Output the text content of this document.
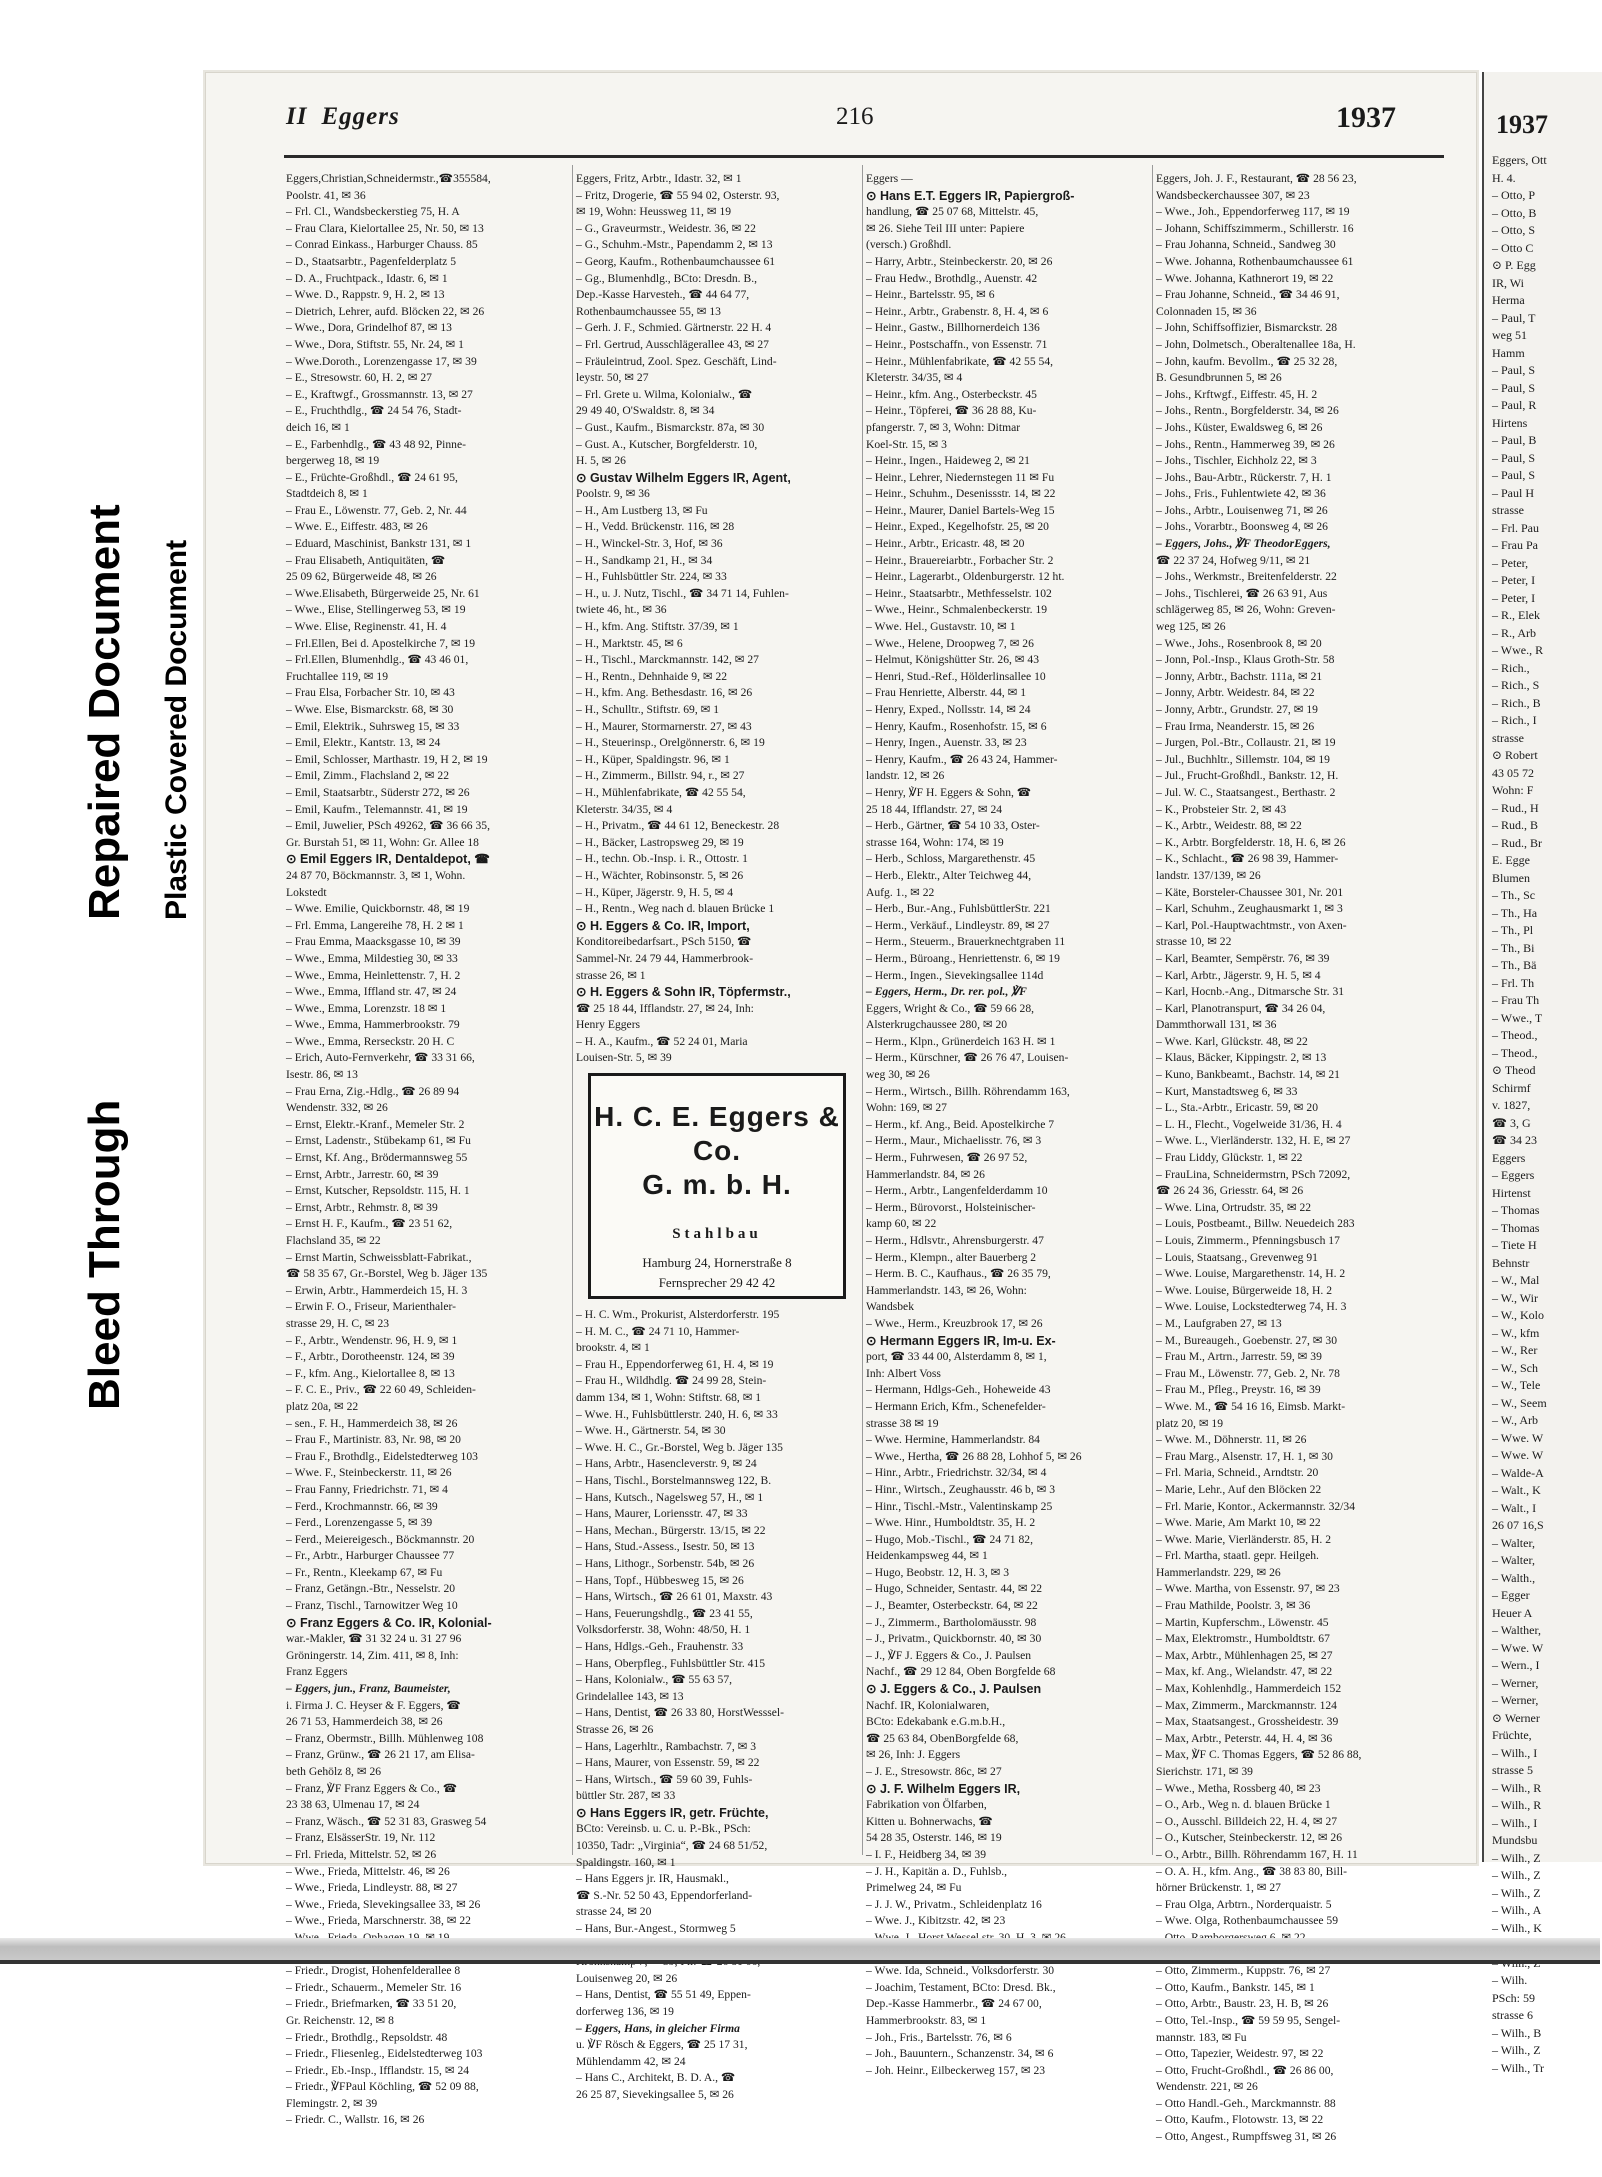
Repaired Document Plastic Covered Document
Bleed Through
II Eggers	216	1937
Eggers,Christian,Schneidermstr.,☎355584,
Poolstr. 41, ✉ 36
– Frl. Cl., Wandsbeckerstieg 75, H. A
– Frau Clara, Kielortallee 25, Nr. 50, ✉ 13
– Conrad Einkass., Harburger Chauss. 85
– D., Staatsarbtr., Pagenfelderplatz 5
– D. A., Fruchtpack., Idastr. 6, ✉ 1
– Wwe. D., Rappstr. 9, H. 2, ✉ 13
– Dietrich, Lehrer, aufd. Blöcken 22, ✉ 26
– Wwe., Dora, Grindelhof 87, ✉ 13
– Wwe., Dora, Stiftstr. 55, Nr. 24, ✉ 1
– Wwe.Doroth., Lorenzengasse 17, ✉ 39
– E., Stresowstr. 60, H. 2, ✉ 27
– E., Kraftwgf., Grossmannstr. 13, ✉ 27
– E., Fruchthdlg., ☎ 24 54 76, Stadt-
deich 16, ✉ 1
– E., Farbenhdlg., ☎ 43 48 92, Pinne-
bergerweg 18, ✉ 19
– E., Früchte-Großhdl., ☎ 24 61 95,
Stadtdeich 8, ✉ 1
– Frau E., Löwenstr. 77, Geb. 2, Nr. 44
– Wwe. E., Eiffestr. 483, ✉ 26
– Eduard, Maschinist, Bankstr 131, ✉ 1
– Frau Elisabeth, Antiquitäten, ☎
25 09 62, Bürgerweide 48, ✉ 26
– Wwe.Elisabeth, Bürgerweide 25, Nr. 61
– Wwe., Elise, Stellingerweg 53, ✉ 19
– Wwe. Elise, Reginenstr. 41, H. 4
– Frl.Ellen, Bei d. Apostelkirche 7, ✉ 19
– Frl.Ellen, Blumenhdlg., ☎ 43 46 01,
Fruchtallee 119, ✉ 19
– Frau Elsa, Forbacher Str. 10, ✉ 43
– Wwe. Else, Bismarckstr. 68, ✉ 30
– Emil, Elektrik., Suhrsweg 15, ✉ 33
– Emil, Elektr., Kantstr. 13, ✉ 24
– Emil, Schlosser, Marthastr. 19, H 2, ✉ 19
– Emil, Zimm., Flachsland 2, ✉ 22
– Emil, Staatsarbtr., Süderstr 272, ✉ 26
– Emil, Kaufm., Telemannstr. 41, ✉ 19
– Emil, Juwelier, PSch 49262, ☎ 36 66 35,
Gr. Burstah 51, ✉ 11, Wohn: Gr. Allee 18
⊙ Emil Eggers IR, Dentaldepot, ☎
24 87 70, Böckmannstr. 3, ✉ 1, Wohn.
Lokstedt
– Wwe. Emilie, Quickbornstr. 48, ✉ 19
– Frl. Emma, Langereihe 78, H. 2 ✉ 1
– Frau Emma, Maacksgasse 10, ✉ 39
– Wwe., Emma, Mildestieg 30, ✉ 33
– Wwe., Emma, Heinlettenstr. 7, H. 2
– Wwe., Emma, Iffland str. 47, ✉ 24
– Wwe., Emma, Lorenzstr. 18 ✉ 1
– Wwe., Emma, Hammerbrookstr. 79
– Wwe., Emma, Rerseckstr. 20 H. C
– Erich, Auto-Fernverkehr, ☎ 33 31 66,
Isestr. 86, ✉ 13
– Frau Erna, Zig.-Hdlg., ☎ 26 89 94
Wendenstr. 332, ✉ 26
– Ernst, Elektr.-Kranf., Memeler Str. 2
– Ernst, Ladenstr., Stübekamp 61, ✉ Fu
– Ernst, Kf. Ang., Brödermannsweg 55
– Ernst, Arbtr., Jarrestr. 60, ✉ 39
– Ernst, Kutscher, Repsoldstr. 115, H. 1
– Ernst, Arbtr., Rehmstr. 8, ✉ 39
– Ernst H. F., Kaufm., ☎ 23 51 62,
Flachsland 35, ✉ 22
– Ernst Martin, Schweissblatt-Fabrikat.,
☎ 58 35 67, Gr.-Borstel, Weg b. Jäger 135
– Erwin, Arbtr., Hammerdeich 15, H. 3
– Erwin F. O., Friseur, Marienthaler-
strasse 29, H. C, ✉ 23
– F., Arbtr., Wendenstr. 96, H. 9, ✉ 1
– F., Arbtr., Dorotheenstr. 124, ✉ 39
– F., kfm. Ang., Kielortallee 8, ✉ 13
– F. C. E., Priv., ☎ 22 60 49, Schleiden-
platz 20a, ✉ 22
– sen., F. H., Hammerdeich 38, ✉ 26
– Frau F., Martinistr. 83, Nr. 98, ✉ 20
– Frau F., Brothdlg., Eidelstedterweg 103
– Wwe. F., Steinbeckerstr. 11, ✉ 26
– Frau Fanny, Friedrichstr. 71, ✉ 4
– Ferd., Krochmannstr. 66, ✉ 39
– Ferd., Lorenzengasse 5, ✉ 39
– Ferd., Meiereigesch., Böckmannstr. 20
– Fr., Arbtr., Harburger Chaussee 77
– Fr., Rentn., Kleekamp 67, ✉ Fu
– Franz, Getängn.-Btr., Nesselstr. 20
– Franz, Tischl., Tarnowitzer Weg 10
⊙ Franz Eggers & Co. IR, Kolonial-
war.-Makler, ☎ 31 32 24 u. 31 27 96
Gröningerstr. 14, Zim. 411, ✉ 8, Inh:
Franz Eggers
– Eggers, jun., Franz, Baumeister,
i. Firma J. C. Heyser & F. Eggers, ☎
26 71 53, Hammerdeich 38, ✉ 26
– Franz, Obermstr., Billh. Mühlenweg 108
– Franz, Grünw., ☎ 26 21 17, am Elisa-
beth Gehölz 8, ✉ 26
– Franz, ℣F Franz Eggers & Co., ☎
23 38 63, Ulmenau 17, ✉ 24
– Franz, Wäsch., ☎ 52 31 83, Grasweg 54
– Franz, ElsässerStr. 19, Nr. 112
– Frl. Frieda, Mittelstr. 52, ✉ 26
– Wwe., Frieda, Mittelstr. 46, ✉ 26
– Wwe., Frieda, Lindleystr. 88, ✉ 27
– Wwe., Frieda, Slevekingsallee 33, ✉ 26
– Wwe., Frieda, Marschnerstr. 38, ✉ 22
– Friedr., Drogist, Hohenfelderallee 8
– Friedr., Schauerm., Memeler Str. 16
– Friedr., Briefmarken, ☎ 33 51 20,
Gr. Reichenstr. 12, ✉ 8
– Friedr., Brothdlg., Repsoldstr. 48
– Friedr., Fliesenleg., Eidelstedterweg 103
– Friedr., Eb.-Insp., Ifflandstr. 15, ✉ 24
– Friedr., ℣FPaul Köchling, ☎ 52 09 88,
Flemingstr. 2, ✉ 39
– Friedr. C., Wallstr. 16, ✉ 26
Eggers, Fritz, Arbtr., Idastr. 32, ✉ 1
– Fritz, Drogerie, ☎ 55 94 02, Osterstr. 93,
✉ 19, Wohn: Heussweg 11, ✉ 19
– G., Graveurmstr., Weidestr. 36, ✉ 22
– G., Schuhm.-Mstr., Papendamm 2, ✉ 13
– Georg, Kaufm., Rothenbaumchaussee 61
– Gg., Blumenhdlg., BCto: Dresdn. B.,
Dep.-Kasse Harvesteh., ☎ 44 64 77,
Rothenbaumchaussee 55, ✉ 13
– Gerh. J. F., Schmied. Gärtnerstr. 22 H. 4
– Frl. Gertrud, Ausschlägerallee 43, ✉ 27
– Fräuleintrud, Zool. Spez. Geschäft, Lind-
leystr. 50, ✉ 27
– Frl. Grete u. Wilma, Kolonialw., ☎
29 49 40, O'Swaldstr. 8, ✉ 34
– Gust., Kaufm., Bismarckstr. 87a, ✉ 30
– Gust. A., Kutscher, Borgfelderstr. 10,
H. 5, ✉ 26
⊙ Gustav Wilhelm Eggers IR, Agent,
Poolstr. 9, ✉ 36
– H., Am Lustberg 13, ✉ Fu
– H., Vedd. Brückenstr. 116, ✉ 28
– H., Winckel-Str. 3, Hof, ✉ 36
– H., Sandkamp 21, H., ✉ 34
– H., Fuhlsbüttler Str. 224, ✉ 33
– H., u. J. Nutz, Tischl., ☎ 34 71 14, Fuhlen-
twiete 46, ht., ✉ 36
– H., kfm. Ang. Stiftstr. 37/39, ✉ 1
– H., Marktstr. 45, ✉ 6
– H., Tischl., Marckmannstr. 142, ✉ 27
– H., Rentn., Dehnhaide 9, ✉ 22
– H., kfm. Ang. Bethesdastr. 16, ✉ 26
– H., Schulltr., Stiftstr. 69, ✉ 1
– H., Maurer, Stormarnerstr. 27, ✉ 43
– H., Steuerinsp., Orelgönnerstr. 6, ✉ 19
– H., Küper, Spaldingstr. 96, ✉ 1
– H., Zimmerm., Billstr. 94, r., ✉ 27
– H., Mühlenfabrikate, ☎ 42 55 54,
Kleterstr. 34/35, ✉ 4
– H., Privatm., ☎ 44 61 12, Beneckestr. 28
– H., Bäcker, Lastropsweg 29, ✉ 19
– H., techn. Ob.-Insp. i. R., Ottostr. 1
– H., Wächter, Robinsonstr. 5, ✉ 26
– H., Küper, Jägerstr. 9, H. 5, ✉ 4
– H., Rentn., Weg nach d. blauen Brücke 1
⊙ H. Eggers & Co. IR, Import,
Konditoreibedarfsart., PSch 5150, ☎
Sammel-Nr. 24 79 44, Hammerbrook-
strasse 26, ✉ 1
⊙ H. Eggers & Sohn IR, Töpfermstr.,
☎ 25 18 44, Ifflandstr. 27, ✉ 24, Inh:
Henry Eggers
– H. A., Kaufm., ☎ 52 24 01, Maria
Louisen-Str. 5, ✉ 39
H. C. E. Eggers & Co.
G. m. b. H.
Stahlbau
Hamburg 24, Hornerstraße 8
Fernsprecher 29 42 42
– H. C. Wm., Prokurist, Alsterdorferstr. 195
– H. M. C., ☎ 24 71 10, Hammer-
brookstr. 4, ✉ 1
– Frau H., Eppendorferweg 61, H. 4, ✉ 19
– Frau H., Wildhdlg. ☎ 24 99 28, Stein-
damm 134, ✉ 1, Wohn: Stiftstr. 68, ✉ 1
– Wwe. H., Fuhlsbüttlerstr. 240, H. 6, ✉ 33
– Wwe. H., Gärtnerstr. 54, ✉ 30
– Wwe. H. C., Gr.-Borstel, Weg b. Jäger 135
– Hans, Arbtr., Hasencleverstr. 9, ✉ 24
– Hans, Tischl., Borstelmannsweg 122, B.
– Hans, Kutsch., Nagelsweg 57, H., ✉ 1
– Hans, Maurer, Loriensstr. 47, ✉ 33
– Hans, Mechan., Bürgerstr. 13/15, ✉ 22
– Hans, Stud.-Assess., Isestr. 50, ✉ 13
– Hans, Lithogr., Sorbenstr. 54b, ✉ 26
– Hans, Topf., Hübbesweg 15, ✉ 26
– Hans, Wirtsch., ☎ 26 61 01, Maxstr. 43
– Hans, Feuerungshdlg., ☎ 23 41 55,
Volksdorferstr. 38, Wohn: 48/50, H. 1
– Hans, Hdlgs.-Geh., Frauhenstr. 33
– Hans, Oberpfleg., Fuhlsbüttler Str. 415
– Hans, Kolonialw., ☎ 55 63 57,
Grindelallee 143, ✉ 13
– Hans, Dentist, ☎ 26 33 80, HorstWesssel-
Strasse 26, ✉ 26
– Hans, Lagerhltr., Rambachstr. 7, ✉ 3
– Hans, Maurer, von Essenstr. 59, ✉ 22
– Hans, Wirtsch., ☎ 59 60 39, Fuhls-
büttler Str. 287, ✉ 33
⊙ Hans Eggers IR, getr. Früchte,
BCto: Vereinsb. u. C. u. P.-Bk., PSch:
10350, Tadr: „Virginia“, ☎ 24 68 51/52,
Spaldingstr. 160, ✉ 1
– Hans Eggers jr. IR, Hausmakl.,
☎ S.-Nr. 52 50 43, Eppendorferland-
strasse 24, ✉ 20
– Hans, Bur.-Angest., Stormweg 5
Louisenweg 20, ✉ 26
– Hans, Dentist, ☎ 55 51 49, Eppen-
dorferweg 136, ✉ 19
– Eggers, Hans, in gleicher Firma
u. ℣F Rösch & Eggers, ☎ 25 17 31,
Mühlendamm 42, ✉ 24
– Hans C., Architekt, B. D. A., ☎
26 25 87, Sievekingsallee 5, ✉ 26
Eggers —
⊙ Hans E.T. Eggers IR, Papiergroß-
handlung, ☎ 25 07 68, Mittelstr. 45,
✉ 26. Siehe Teil III unter: Papiere
(versch.) Großhdl.
– Harry, Arbtr., Steinbeckerstr. 20, ✉ 26
– Frau Hedw., Brothdlg., Auenstr. 42
– Heinr., Bartelsstr. 95, ✉ 6
– Heinr., Arbtr., Grabenstr. 8, H. 4, ✉ 6
– Heinr., Gastw., Billhornerdeich 136
– Heinr., Postschaffn., von Essenstr. 71
– Heinr., Mühlenfabrikate, ☎ 42 55 54,
Kleterstr. 34/35, ✉ 4
– Heinr., kfm. Ang., Osterbeckstr. 45
– Heinr., Töpferei, ☎ 36 28 88, Ku-
pfangerstr. 7, ✉ 3, Wohn: Ditmar
Koel-Str. 15, ✉ 3
– Heinr., Ingen., Haideweg 2, ✉ 21
– Heinr., Lehrer, Niedernstegen 11 ✉ Fu
– Heinr., Schuhm., Desenissstr. 14, ✉ 22
– Heinr., Maurer, Daniel Bartels-Weg 15
– Heinr., Exped., Kegelhofstr. 25, ✉ 20
– Heinr., Arbtr., Ericastr. 48, ✉ 20
– Heinr., Brauereiarbtr., Forbacher Str. 2
– Heinr., Lagerarbt., Oldenburgerstr. 12 ht.
– Heinr., Staatsarbtr., Methfesselstr. 102
– Wwe., Heinr., Schmalenbeckerstr. 19
– Wwe. Hel., Gustavstr. 10, ✉ 1
– Wwe., Helene, Droopweg 7, ✉ 26
– Helmut, Königshütter Str. 26, ✉ 43
– Henri, Stud.-Ref., Hölderlinsallee 10
– Frau Henriette, Alberstr. 44, ✉ 1
– Henry, Exped., Nollsstr. 14, ✉ 24
– Henry, Kaufm., Rosenhofstr. 15, ✉ 6
– Henry, Ingen., Auenstr. 33, ✉ 23
– Henry, Kaufm., ☎ 26 43 24, Hammer-
landstr. 12, ✉ 26
– Henry, ℣F H. Eggers & Sohn, ☎
25 18 44, Ifflandstr. 27, ✉ 24
– Herb., Gärtner, ☎ 54 10 33, Oster-
strasse 164, Wohn: 174, ✉ 19
– Herb., Schloss, Margarethenstr. 45
– Herb., Elektr., Alter Teichweg 44,
Aufg. 1., ✉ 22
– Herb., Bur.-Ang., FuhlsbüttlerStr. 221
– Herm., Verkäuf., Lindleystr. 89, ✉ 27
– Herm., Steuerm., Brauerknechtgraben 11
– Herm., Büroang., Henriettenstr. 6, ✉ 19
– Herm., Ingen., Sievekingsallee 114d
– Eggers, Herm., Dr. rer. pol., ℣F
Eggers, Wright & Co., ☎ 59 66 28,
Alsterkrugchaussee 280, ✉ 20
– Herm., Klpn., Grünerdeich 163 H. ✉ 1
– Herm., Kürschner, ☎ 26 76 47, Louisen-
weg 30, ✉ 26
– Herm., Wirtsch., Billh. Röhrendamm 163,
Wohn: 169, ✉ 27
– Herm., kf. Ang., Beid. Apostelkirche 7
– Herm., Maur., Michaelisstr. 76, ✉ 3
– Herm., Fuhrwesen, ☎ 26 97 52,
Hammerlandstr. 84, ✉ 26
– Herm., Arbtr., Langenfelderdamm 10
– Herm., Bürovorst., Holsteinischer-
kamp 60, ✉ 22
– Herm., Hdlsvtr., Ahrensburgerstr. 47
– Herm., Klempn., alter Bauerberg 2
– Herm. B. C., Kaufhaus., ☎ 26 35 79,
Hammerlandstr. 143, ✉ 26, Wohn:
Wandsbek
– Wwe., Herm., Kreuzbrook 17, ✉ 26
⊙ Hermann Eggers IR, Im-u. Ex-
port, ☎ 33 44 00, Alsterdamm 8, ✉ 1,
Inh: Albert Voss
– Hermann, Hdlgs-Geh., Hoheweide 43
– Hermann Erich, Kfm., Schenefelder-
strasse 38 ✉ 19
– Wwe. Hermine, Hammerlandstr. 84
– Wwe., Hertha, ☎ 26 88 28, Lohhof 5, ✉ 26
– Hinr., Arbtr., Friedrichstr. 32/34, ✉ 4
– Hinr., Wirtsch., Zeughausstr. 46 b, ✉ 3
– Hinr., Tischl.-Mstr., Valentinskamp 25
– Wwe. Hinr., Humboldtstr. 35, H. 2
– Hugo, Mob.-Tischl., ☎ 24 71 82,
Heidenkampsweg 44, ✉ 1
– Hugo, Beobstr. 12, H. 3, ✉ 3
– Hugo, Schneider, Sentastr. 44, ✉ 22
– J., Beamter, Osterbeckstr. 64, ✉ 22
– J., Zimmerm., Bartholomäusstr. 98
– J., Privatm., Quickbornstr. 40, ✉ 30
– J., ℣F J. Eggers & Co., J. Paulsen
Nachf., ☎ 29 12 84, Oben Borgfelde 68
⊙ J. Eggers & Co., J. Paulsen
Nachf. IR, Kolonialwaren,
BCto: Edekabank e.G.m.b.H.,
☎ 25 63 84, ObenBorgfelde 68,
✉ 26, Inh: J. Eggers
– J. E., Stresowstr. 86c, ✉ 27
⊙ J. F. Wilhelm Eggers IR,
Fabrikation von Ölfarben,
Kitten u. Bohnerwachs, ☎
54 28 35, Osterstr. 146, ✉ 19
– I. F., Heidberg 34, ✉ 39
– J. H., Kapitän a. D., Fuhlsb.,
Primelweg 24, ✉ Fu
– J. J. W., Privatm., Schleidenplatz 16
– Wwe. J., Kibitzstr. 42, ✉ 23
– Wwe. Ida, Schneid., Volksdorferstr. 30
– Joachim, Testament, BCto: Dresd. Bk.,
Dep.-Kasse Hammerbr., ☎ 24 67 00,
Hammerbrookstr. 83, ✉ 1
– Joh., Fris., Bartelsstr. 76, ✉ 6
– Joh., Bauuntern., Schanzenstr. 34, ✉ 6
– Joh. Heinr., Eilbeckerweg 157, ✉ 23
Eggers, Joh. J. F., Restaurant, ☎ 28 56 23,
Wandsbeckerchaussee 307, ✉ 23
– Wwe., Joh., Eppendorferweg 117, ✉ 19
– Johann, Schiffszimmerm., Schillerstr. 16
– Frau Johanna, Schneid., Sandweg 30
– Wwe. Johanna, Rothenbaumchaussee 61
– Wwe. Johanna, Kathnerort 19, ✉ 22
– Frau Johanne, Schneid., ☎ 34 46 91,
Colonnaden 15, ✉ 36
– John, Schiffsoffizier, Bismarckstr. 28
– John, Dolmetsch., Oberaltenallee 18a, H.
– John, kaufm. Bevollm., ☎ 25 32 28,
B. Gesundbrunnen 5, ✉ 26
– Johs., Krftwgf., Eiffestr. 45, H. 2
– Johs., Rentn., Borgfelderstr. 34, ✉ 26
– Johs., Küster, Ewaldsweg 6, ✉ 26
– Johs., Rentn., Hammerweg 39, ✉ 26
– Johs., Tischler, Eichholz 22, ✉ 3
– Johs., Bau-Arbtr., Rückerstr. 7, H. 1
– Johs., Fris., Fuhlentwiete 42, ✉ 36
– Johs., Arbtr., Louisenweg 71, ✉ 26
– Johs., Vorarbtr., Boonsweg 4, ✉ 26
– Eggers, Johs., ℣F TheodorEggers,
☎ 22 37 24, Hofweg 9/11, ✉ 21
– Johs., Werkmstr., Breitenfelderstr. 22
– Johs., Tischlerei, ☎ 26 63 91, Aus
schlägerweg 85, ✉ 26, Wohn: Greven-
weg 125, ✉ 26
– Wwe., Johs., Rosenbrook 8, ✉ 20
– Jonn, Pol.-Insp., Klaus Groth-Str. 58
– Jonny, Arbtr., Bachstr. 111a, ✉ 21
– Jonny, Arbtr. Weidestr. 84, ✉ 22
– Jonny, Arbtr., Grundstr. 27, ✉ 19
– Frau Irma, Neanderstr. 15, ✉ 26
– Jurgen, Pol.-Btr., Collaustr. 21, ✉ 19
– Jul., Buchhltr., Sillemstr. 104, ✉ 19
– Jul., Frucht-Großhdl., Bankstr. 12, H.
– Jul. W. C., Staatsangest., Berthastr. 2
– K., Probsteier Str. 2, ✉ 43
– K., Arbtr., Weidestr. 88, ✉ 22
– K., Arbtr. Borgfelderstr. 18, H. 6, ✉ 26
– K., Schlacht., ☎ 26 98 39, Hammer-
landstr. 137/139, ✉ 26
– Käte, Borsteler-Chaussee 301, Nr. 201
– Karl, Schuhm., Zeughausmarkt 1, ✉ 3
– Karl, Pol.-Hauptwachtmstr., von Axen-
strasse 10, ✉ 22
– Karl, Beamter, Sempërstr. 76, ✉ 39
– Karl, Arbtr., Jägerstr. 9, H. 5, ✉ 4
– Karl, Hocnb.-Ang., Ditmarsche Str. 31
– Karl, Planotranspurt, ☎ 34 26 04,
Dammthorwall 131, ✉ 36
– Wwe. Karl, Glückstr. 48, ✉ 22
– Klaus, Bäcker, Kippingstr. 2, ✉ 13
– Kuno, Bankbeamt., Bachstr. 14, ✉ 21
– Kurt, Manstadtsweg 6, ✉ 33
– L., Sta.-Arbtr., Ericastr. 59, ✉ 20
– L. H., Flecht., Vogelweide 31/36, H. 4
– Wwe. L., Vierländerstr. 132, H. E, ✉ 27
– Frau Liddy, Glückstr. 1, ✉ 22
– FrauLina, Schneidermstrn, PSch 72092,
☎ 26 24 36, Griesstr. 64, ✉ 26
– Wwe. Lina, Ortrudstr. 35, ✉ 22
– Louis, Postbeamt., Billw. Neuedeich 283
– Louis, Zimmerm., Pfenningsbusch 17
– Louis, Staatsang., Grevenweg 91
– Wwe. Louise, Margarethenstr. 14, H. 2
– Wwe. Louise, Bürgerweide 18, H. 2
– Wwe. Louise, Lockstedterweg 74, H. 3
– M., Laufgraben 27, ✉ 13
– M., Bureaugeh., Goebenstr. 27, ✉ 30
– Frau M., Artrn., Jarrestr. 59, ✉ 39
– Frau M., Löwenstr. 77, Geb. 2, Nr. 78
– Frau M., Pfleg., Preystr. 16, ✉ 39
– Wwe. M., ☎ 54 16 16, Eimsb. Markt-
platz 20, ✉ 19
– Wwe. M., Döhnerstr. 11, ✉ 26
– Frau Marg., Alsenstr. 17, H. 1, ✉ 30
– Frl. Maria, Schneid., Arndtstr. 20
– Marie, Lehr., Auf den Blöcken 22
– Frl. Marie, Kontor., Ackermannstr. 32/34
– Wwe. Marie, Am Markt 10, ✉ 22
– Wwe. Marie, Vierländerstr. 85, H. 2
– Frl. Martha, staatl. gepr. Heilgeh.
Hammerlandstr. 229, ✉ 26
– Wwe. Martha, von Essenstr. 97, ✉ 23
– Frau Mathilde, Poolstr. 3, ✉ 36
– Martin, Kupferschm., Löwenstr. 45
– Max, Elektromstr., Humboldtstr. 67
– Max, Arbtr., Mühlenhagen 25, ✉ 27
– Max, kf. Ang., Wielandstr. 47, ✉ 22
– Max, Kohlenhdlg., Hammerdeich 152
– Max, Zimmerm., Marckmannstr. 124
– Max, Staatsangest., Grossheidestr. 39
– Max, Arbtr., Peterstr. 44, H. 4, ✉ 36
– Max, ℣F C. Thomas Eggers, ☎ 52 86 88,
Sierichstr. 171, ✉ 39
– Wwe., Metha, Rossberg 40, ✉ 23
– O., Arb., Weg n. d. blauen Brücke 1
– O., Ausschl. Billdeich 22, H. 4, ✉ 27
– O., Kutscher, Steinbeckerstr. 12, ✉ 26
– O., Arbtr., Billh. Röhrendamm 167, H. 11
– O. A. H., kfm. Ang., ☎ 38 83 80, Bill-
hörner Brückenstr. 1, ✉ 27
– Frau Olga, Arbtrn., Norderquaistr. 5
– Wwe. Olga, Rothenbaumchaussee 59
– Otto, Zimmerm., Kuppstr. 76, ✉ 27
– Otto, Kaufm., Bankstr. 145, ✉ 1
– Otto, Arbtr., Baustr. 23, H. B, ✉ 26
– Otto, Tel.-Insp., ☎ 59 59 95, Sengel-
mannstr. 183, ✉ Fu
– Otto, Tapezier, Weidestr. 97, ✉ 22
– Otto, Frucht-Großhdl., ☎ 26 86 00,
Wendenstr. 221, ✉ 26
– Otto Handl.-Geh., Marckmannstr. 88
– Otto, Kaufm., Flotowstr. 13, ✉ 22
– Otto, Angest., Rumpffsweg 31, ✉ 26
1937
Eggers, Ott
H. 4.
– Otto, P
– Otto, B
– Otto, S
– Otto C
⊙ P. Egg
IR, Wi
Herma
– Paul, T
weg 51
Hamm
– Paul, S
– Paul, S
– Paul, R
Hirtens
– Paul, B
– Paul, S
– Paul, S
– Paul H
strasse
– Frl. Pau
– Frau Pa
– Peter,
– Peter, I
– Peter, I
– R., Elek
– R., Arb
– Wwe., R
– Rich.,
– Rich., S
– Rich., B
– Rich., I
strasse
⊙ Robert
43 05 72
Wohn: F
– Rud., H
– Rud., B
– Rud., Br
E. Egge
Blumen
– Th., Sc
– Th., Ha
– Th., Pl
– Th., Bi
– Th., Bä
– Frl. Th
– Frau Th
– Wwe., T
– Theod.,
– Theod.,
⊙ Theod
Schirmf
v. 1827,
☎ 3, G
☎ 34 23
Eggers
– Eggers
Hirtenst
– Thomas
– Thomas
– Tiete H
Behnstr
– W., Mal
– W., Wir
– W., Kolo
– W., kfm
– W., Rer
– W., Sch
– W., Tele
– W., Seem
– W., Arb
– Wwe. W
– Wwe. W
– Walde-A
– Walt., K
– Walt., I
26 07 16,S
– Walter,
– Walter,
– Walth.,
– Egger
Heuer A
– Walther,
– Wwe. W
– Wern., I
– Werner,
– Werner,
⊙ Werner
Früchte,
– Wilh., I
strasse 5
– Wilh., R
– Wilh., R
– Wilh., I
Mundsbu
– Wilh., Z
– Wilh., Z
– Wilh., Z
– Wilh., A
– Wilh., K
– Wilh.
PSch: 59
strasse 6
– Wilh., B
– Wilh., Z
– Wilh., Tr
